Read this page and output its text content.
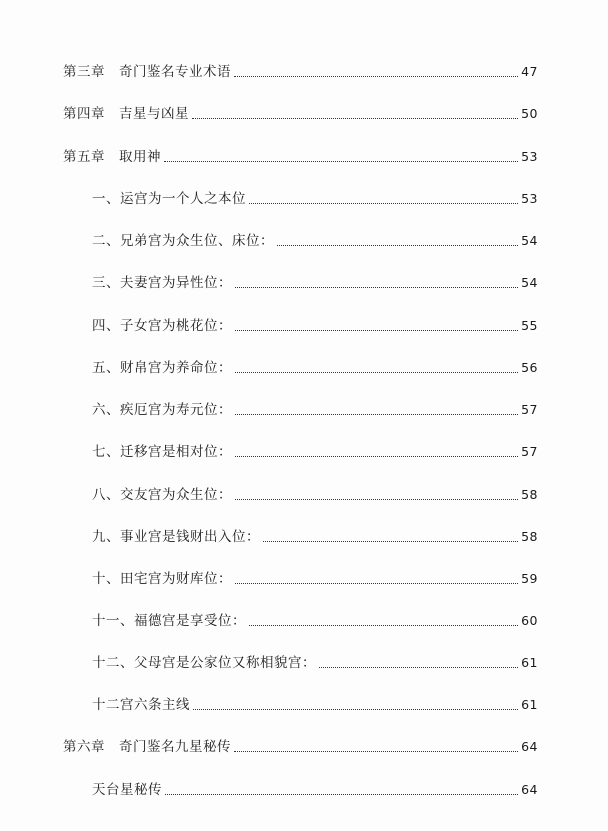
第三章　奇门鉴名专业术语	47
第四章　吉星与凶星	50
第五章　取用神	53
一、运宫为一个人之本位	53
二、兄弟宫为众生位、床位：	54
三、夫妻宫为异性位：	54
四、子女宫为桃花位：	55
五、财帛宫为养命位：	56
六、疾厄宫为寿元位：	57
七、迁移宫是相对位：	57
八、交友宫为众生位：	58
九、事业宫是钱财出入位：	58
十、田宅宫为财库位：	59
十一、福德宫是享受位：	60
十二、父母宫是公家位又称相貌宫：	61
十二宫六条主线	61
第六章　奇门鉴名九星秘传	64
天台星秘传	64
